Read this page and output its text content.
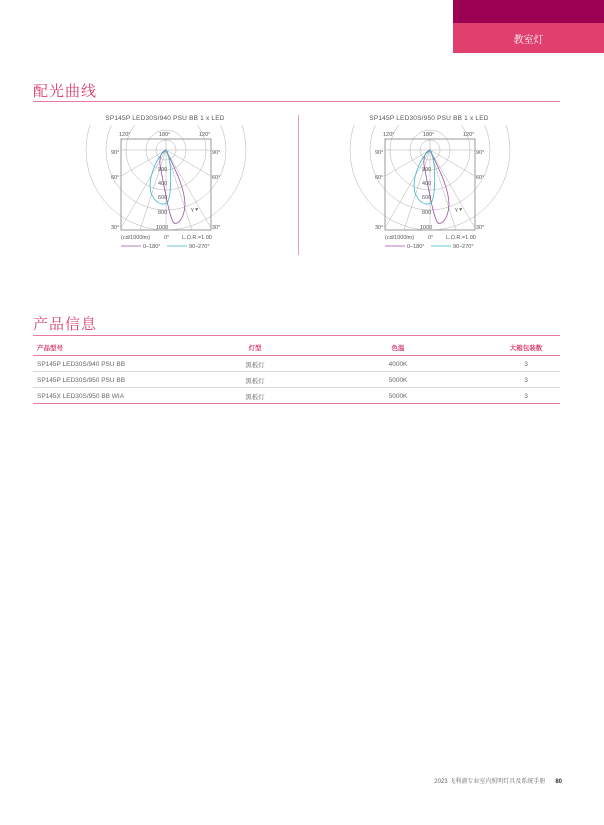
教室灯
配光曲线
SP145P LED30S/940 PSU BB 1 x LED
120°	180°	120°
90°	90°
60°	60°
30°	30°
200
400
600
800
1000
γ ▾
(cd/1000lm)	0° L.O.R.=1.00
0–180°	90–270°
SP145P LED30S/950 PSU BB 1 x LED
120°	180°	120°
90°	90°
60°	60°
30°	30°
200
400
600
800
1000
γ ▾
(cd/1000lm)	0° L.O.R.=1.00
0–180°	90–270°
产品信息
产品型号	灯型	色温	大箱包装数
SP145P LED30S/940 PSU BB	黑板灯	4000K	3
SP145P LED30S/950 PSU BB	黑板灯	5000K	3
SP145X LED30S/950 BB WIA	黑板灯	5000K	3
2023 飞利浦专业室内照明灯具及系统手册 80
